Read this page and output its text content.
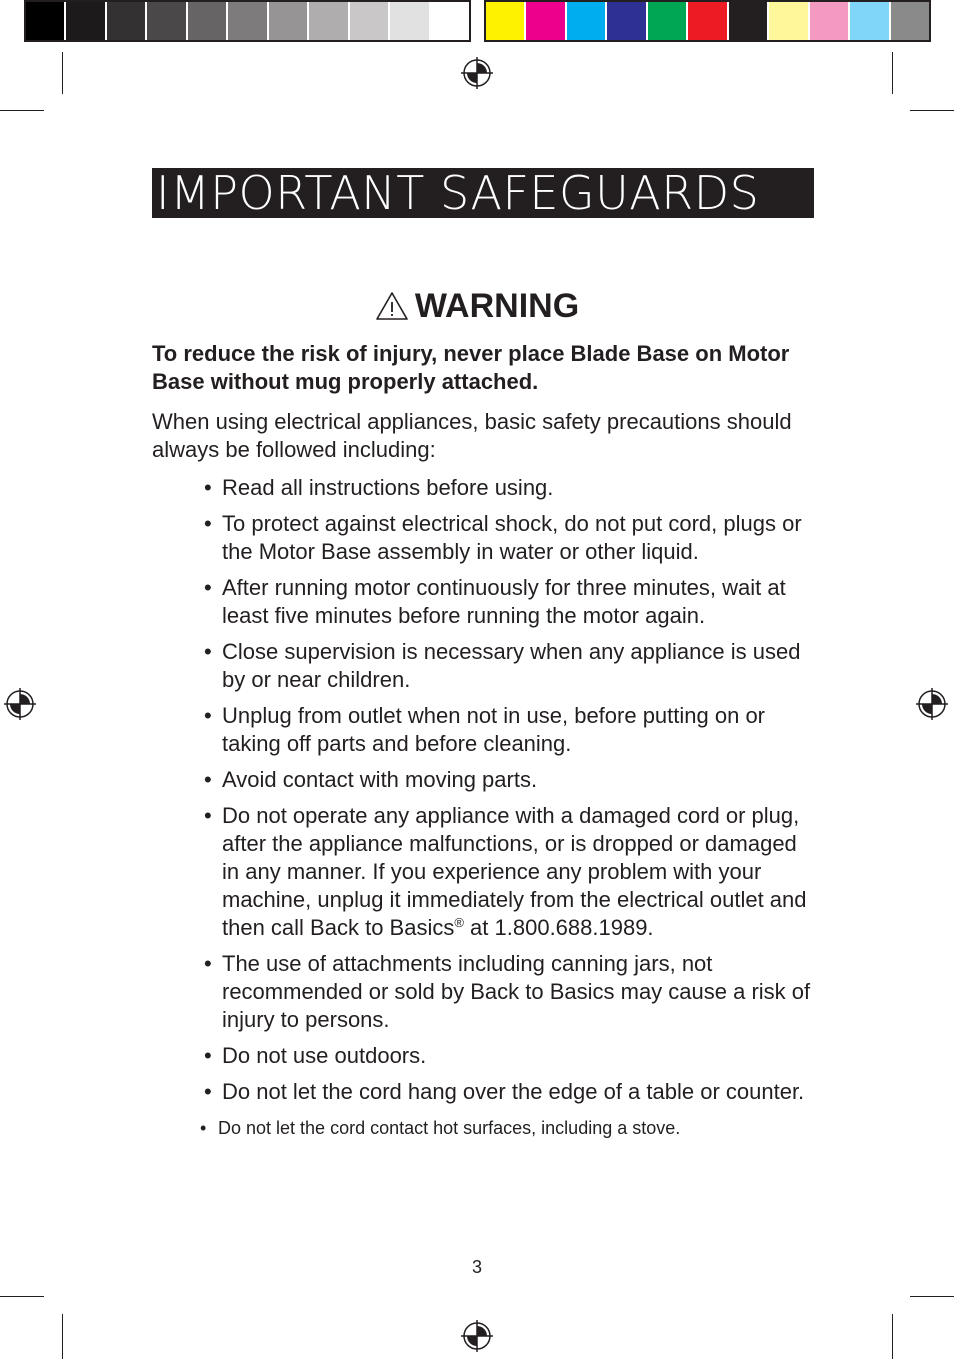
IMPORTANT SAFEGUARDS
WARNING

To reduce the risk of injury, never place Blade Base on Motor Base without mug properly attached.

When using electrical appliances, basic safety precautions should always be followed including:

• Read all instructions before using.
• To protect against electrical shock, do not put cord, plugs or the Motor Base assembly in water or other liquid.
• After running motor continuously for three minutes, wait at least five minutes before running the motor again.
• Close supervision is necessary when any appliance is used by or near children.
• Unplug from outlet when not in use, before putting on or taking off parts and before cleaning.
• Avoid contact with moving parts.
• Do not operate any appliance with a damaged cord or plug, after the appliance malfunctions, or is dropped or damaged in any manner. If you experience any problem with your machine, unplug it immediately from the electrical outlet and then call Back to Basics® at 1.800.688.1989.
• The use of attachments including canning jars, not recommended or sold by Back to Basics may cause a risk of injury to persons.
• Do not use outdoors.
• Do not let the cord hang over the edge of a table or counter.
• Do not let the cord contact hot surfaces, including a stove.
3
